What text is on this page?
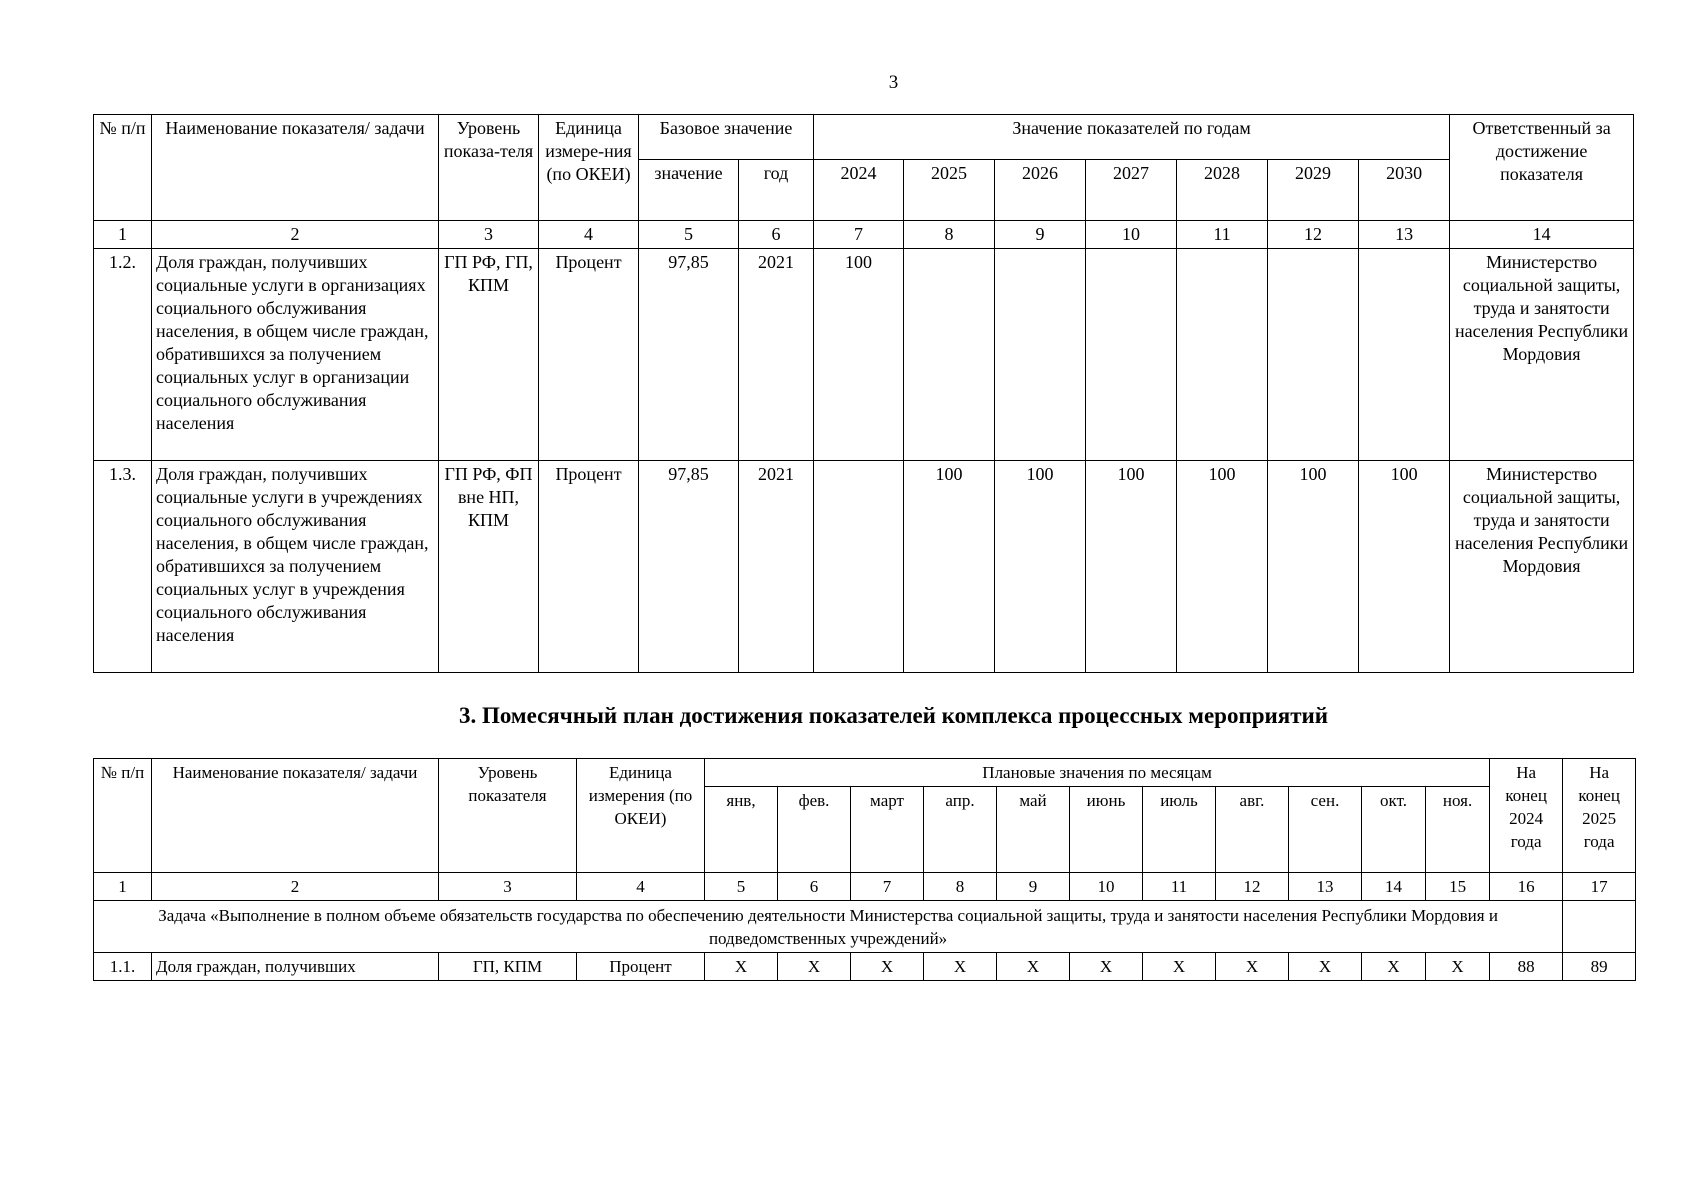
3
№ п/п	Наименование показателя/ задачи	Уровень показа-теля	Единица измере-ния (по ОКЕИ)	Базовое значение		Значение показателей по годам							Ответственный за достижение показателя
				значение	год	2024	2025	2026	2027	2028	2029	2030	
1	2	3	4	5	6	7	8	9	10	11	12	13	14
1.2.	Доля граждан, получивших социальные услуги в организациях социального обслуживания населения, в общем числе граждан, обратившихся за получением социальных услуг в организации социального обслуживания населения	ГП РФ, ГП, КПМ	Процент	97,85	2021	100							Министерство социальной защиты, труда и занятости населения Республики Мордовия
1.3.	Доля граждан, получивших социальные услуги в учреждениях социального обслуживания населения, в общем числе граждан, обратившихся за получением социальных услуг в учреждения социального обслуживания населения	ГП РФ, ФП вне НП, КПМ	Процент	97,85	2021		100	100	100	100	100	100	Министерство социальной защиты, труда и занятости населения Республики Мордовия
3. Помесячный план достижения показателей комплекса процессных мероприятий
№ п/п	Наименование показателя/ задачи	Уровень показателя	Единица измерения (по ОКЕИ)	Плановые значения по месяцам											На конец 2024 года	На конец 2025 года
				янв,	фев.	март	апр.	май	июнь	июль	авг.	сен.	окт.	ноя.		
1	2	3	4	5	6	7	8	9	10	11	12	13	14	15	16	17
Задача «Выполнение в полном объеме обязательств государства по обеспечению деятельности Министерства социальной защиты, труда и занятости населения Республики Мордовия и подведомственных учреждений»																
1.1.	Доля граждан, получивших	ГП, КПМ	Процент	X	X	X	X	X	X	X	X	X	X	X	88	89
